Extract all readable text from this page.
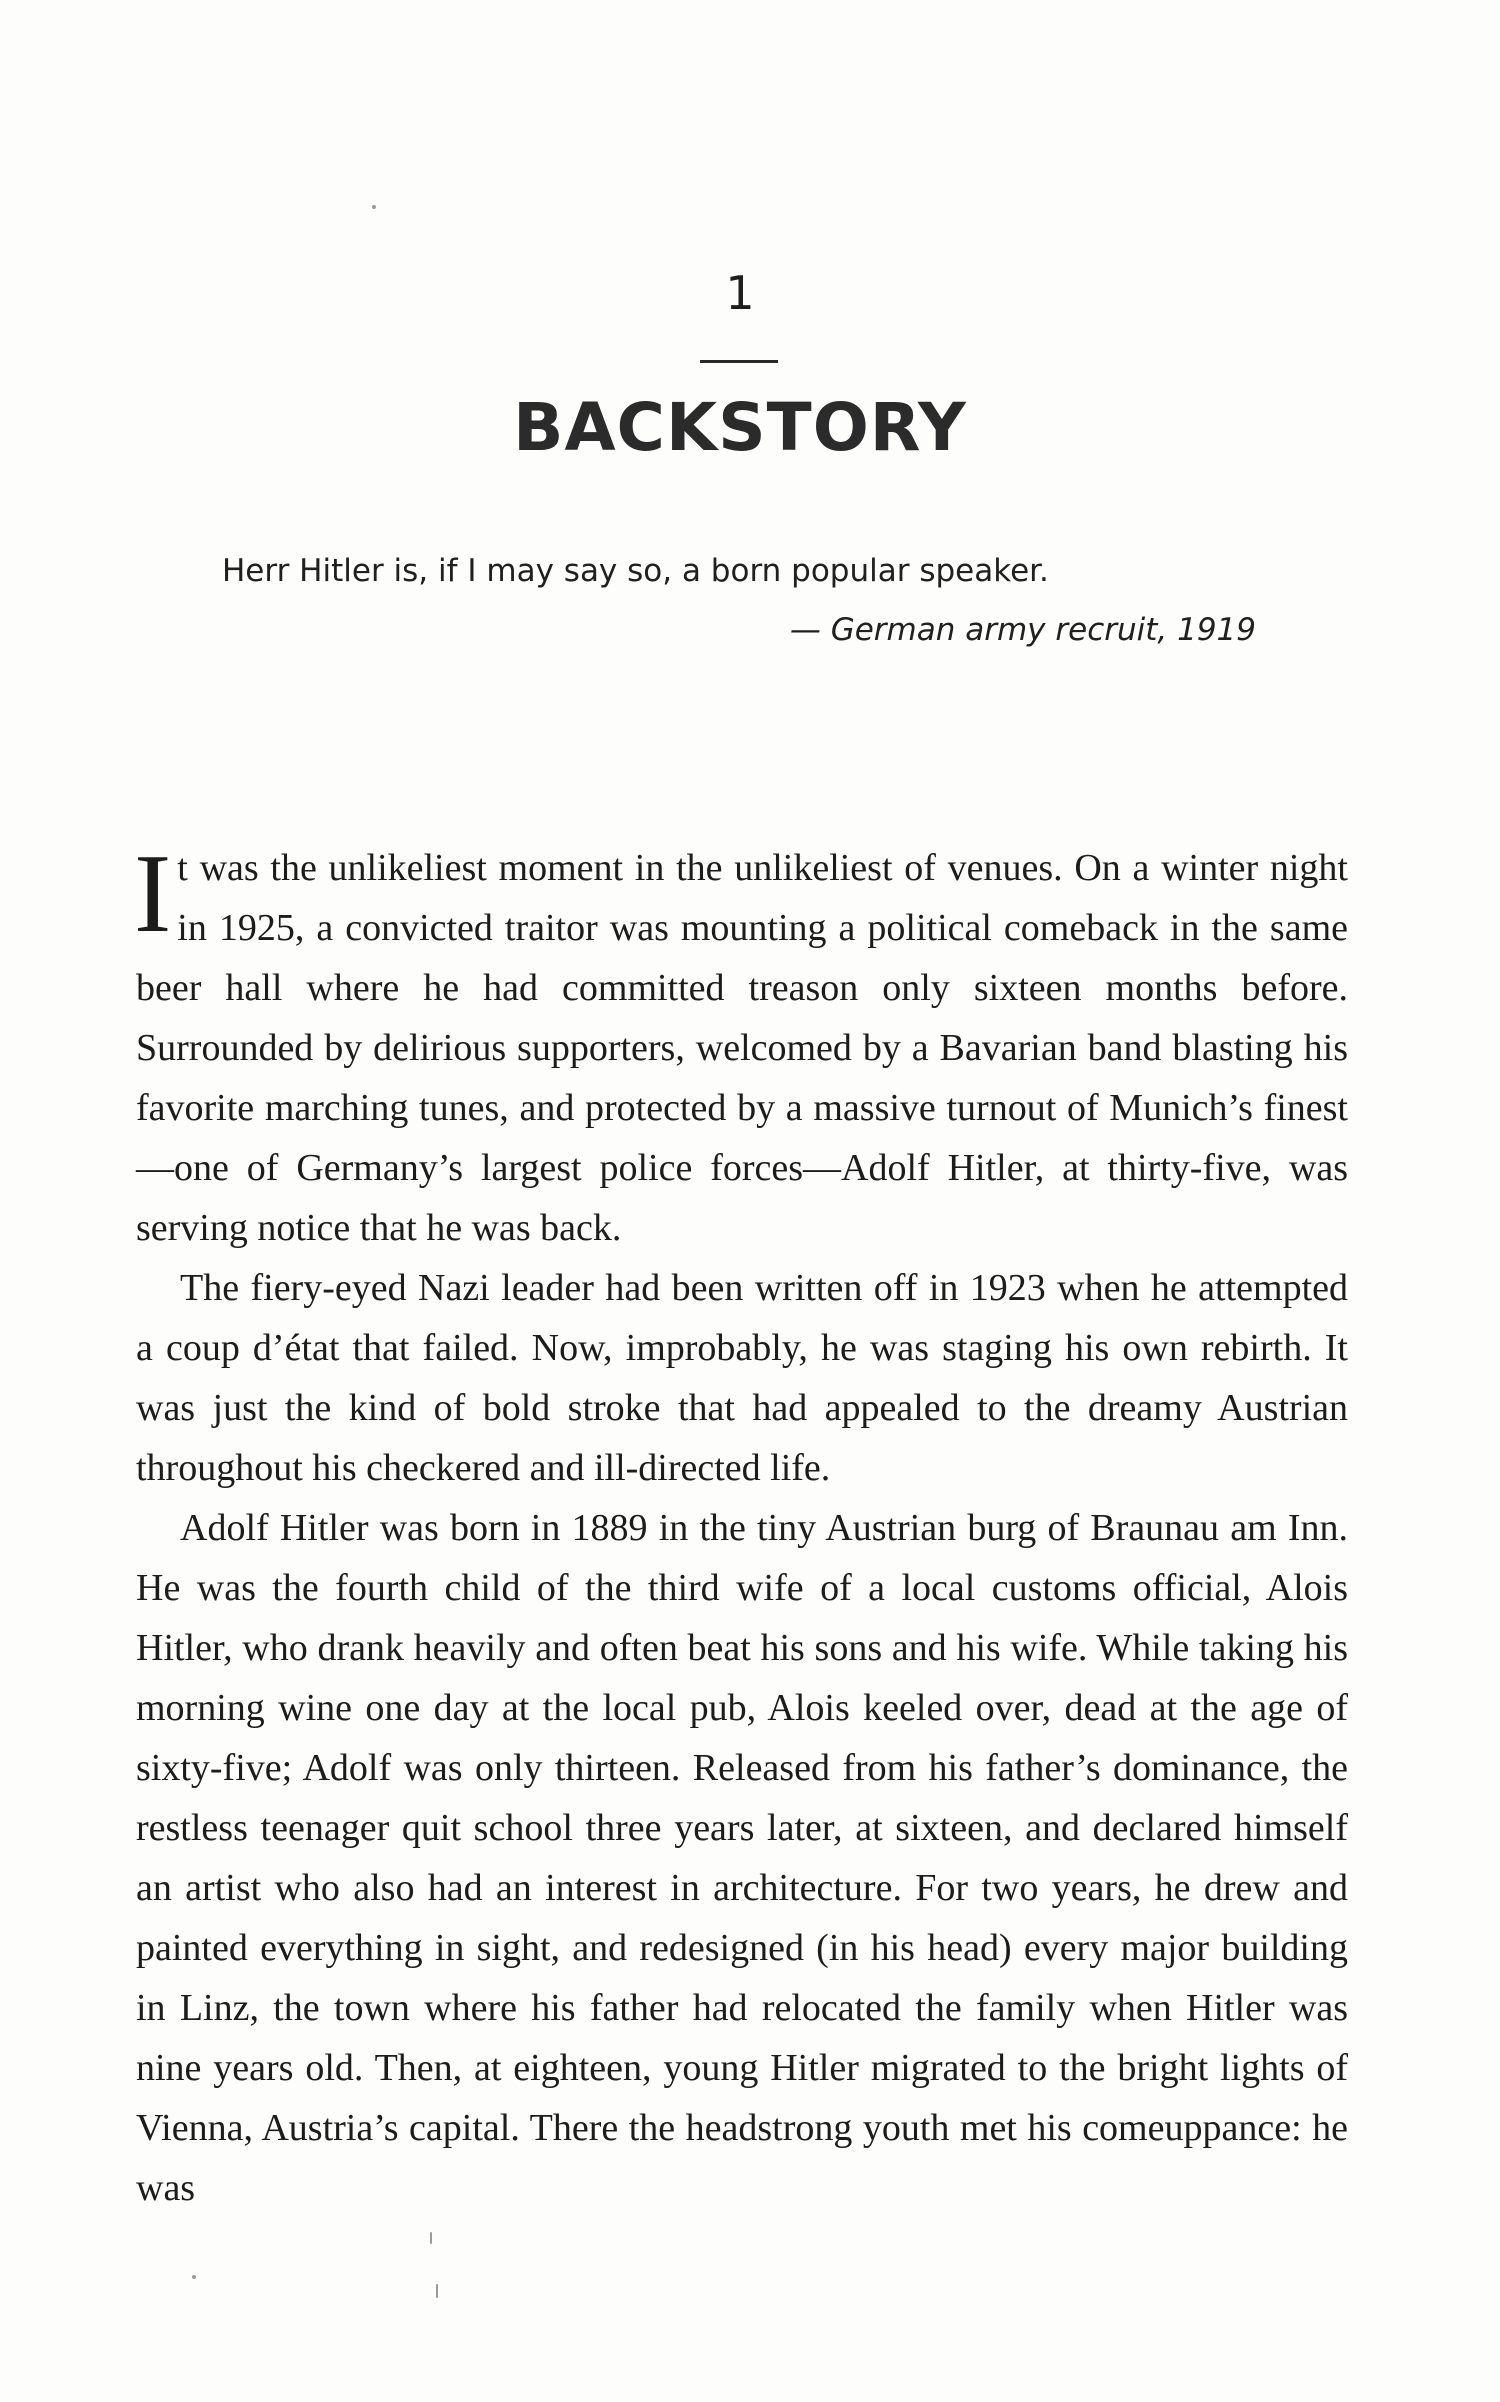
1
BACKSTORY
Herr Hitler is, if I may say so, a born popular speaker.
— German army recruit, 1919

It was the unlikeliest moment in the unlikeliest of venues. On a winter night in 1925, a convicted traitor was mounting a political comeback in the same beer hall where he had committed treason only sixteen months before. Surrounded by delirious supporters, welcomed by a Bavarian band blasting his favorite marching tunes, and protected by a massive turnout of Munich’s finest—one of Germany’s largest police forces—Adolf Hitler, at thirty-five, was serving notice that he was back.

The fiery-eyed Nazi leader had been written off in 1923 when he attempted a coup d’état that failed. Now, improbably, he was staging his own rebirth. It was just the kind of bold stroke that had appealed to the dreamy Austrian throughout his checkered and ill-directed life.

Adolf Hitler was born in 1889 in the tiny Austrian burg of Braunau am Inn. He was the fourth child of the third wife of a local customs official, Alois Hitler, who drank heavily and often beat his sons and his wife. While taking his morning wine one day at the local pub, Alois keeled over, dead at the age of sixty-five; Adolf was only thirteen. Released from his father’s dominance, the restless teenager quit school three years later, at sixteen, and declared himself an artist who also had an interest in architecture. For two years, he drew and painted everything in sight, and redesigned (in his head) every major building in Linz, the town where his father had relocated the family when Hitler was nine years old. Then, at eighteen, young Hitler migrated to the bright lights of Vienna, Austria’s capital. There the headstrong youth met his comeuppance: he was
